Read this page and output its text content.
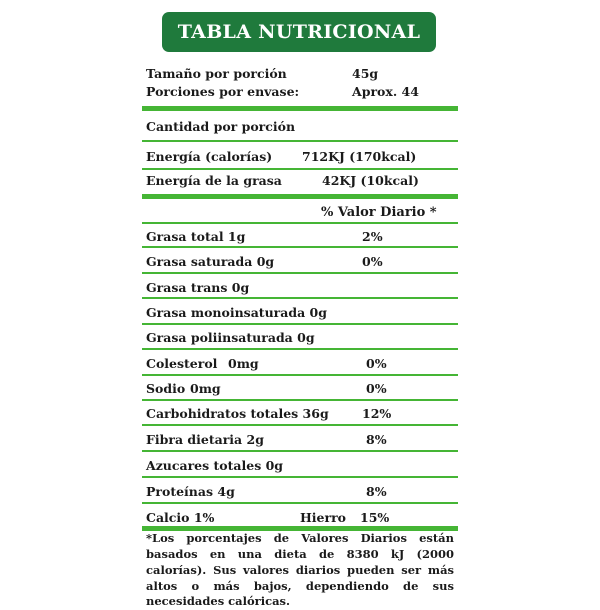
TABLA NUTRICIONAL
Tamaño por porción	45g
Porciones por envase:	Aprox. 44
Cantidad por porción
Energía (calorías) 712KJ (170kcal)
Energía de la grasa	42KJ (10kcal)
% Valor Diario *
Grasa total 1g	2%
Grasa saturada 0g	0%
Grasa trans 0g
Grasa monoinsaturada 0g
Grasa poliinsaturada 0g
Colesterol 0mg	0%
Sodio 0mg	0%
Carbohidratos totales 36g	12%
Fibra dietaria 2g	8%
Azucares totales 0g
Proteínas 4g	8%
Calcio 1%	Hierro 15%
*Los porcentajes de Valores Diarios están basados en una dieta de 8380 kJ (2000 calorías). Sus valores diarios pueden ser más altos o más bajos, dependiendo de sus necesidades calóricas.
